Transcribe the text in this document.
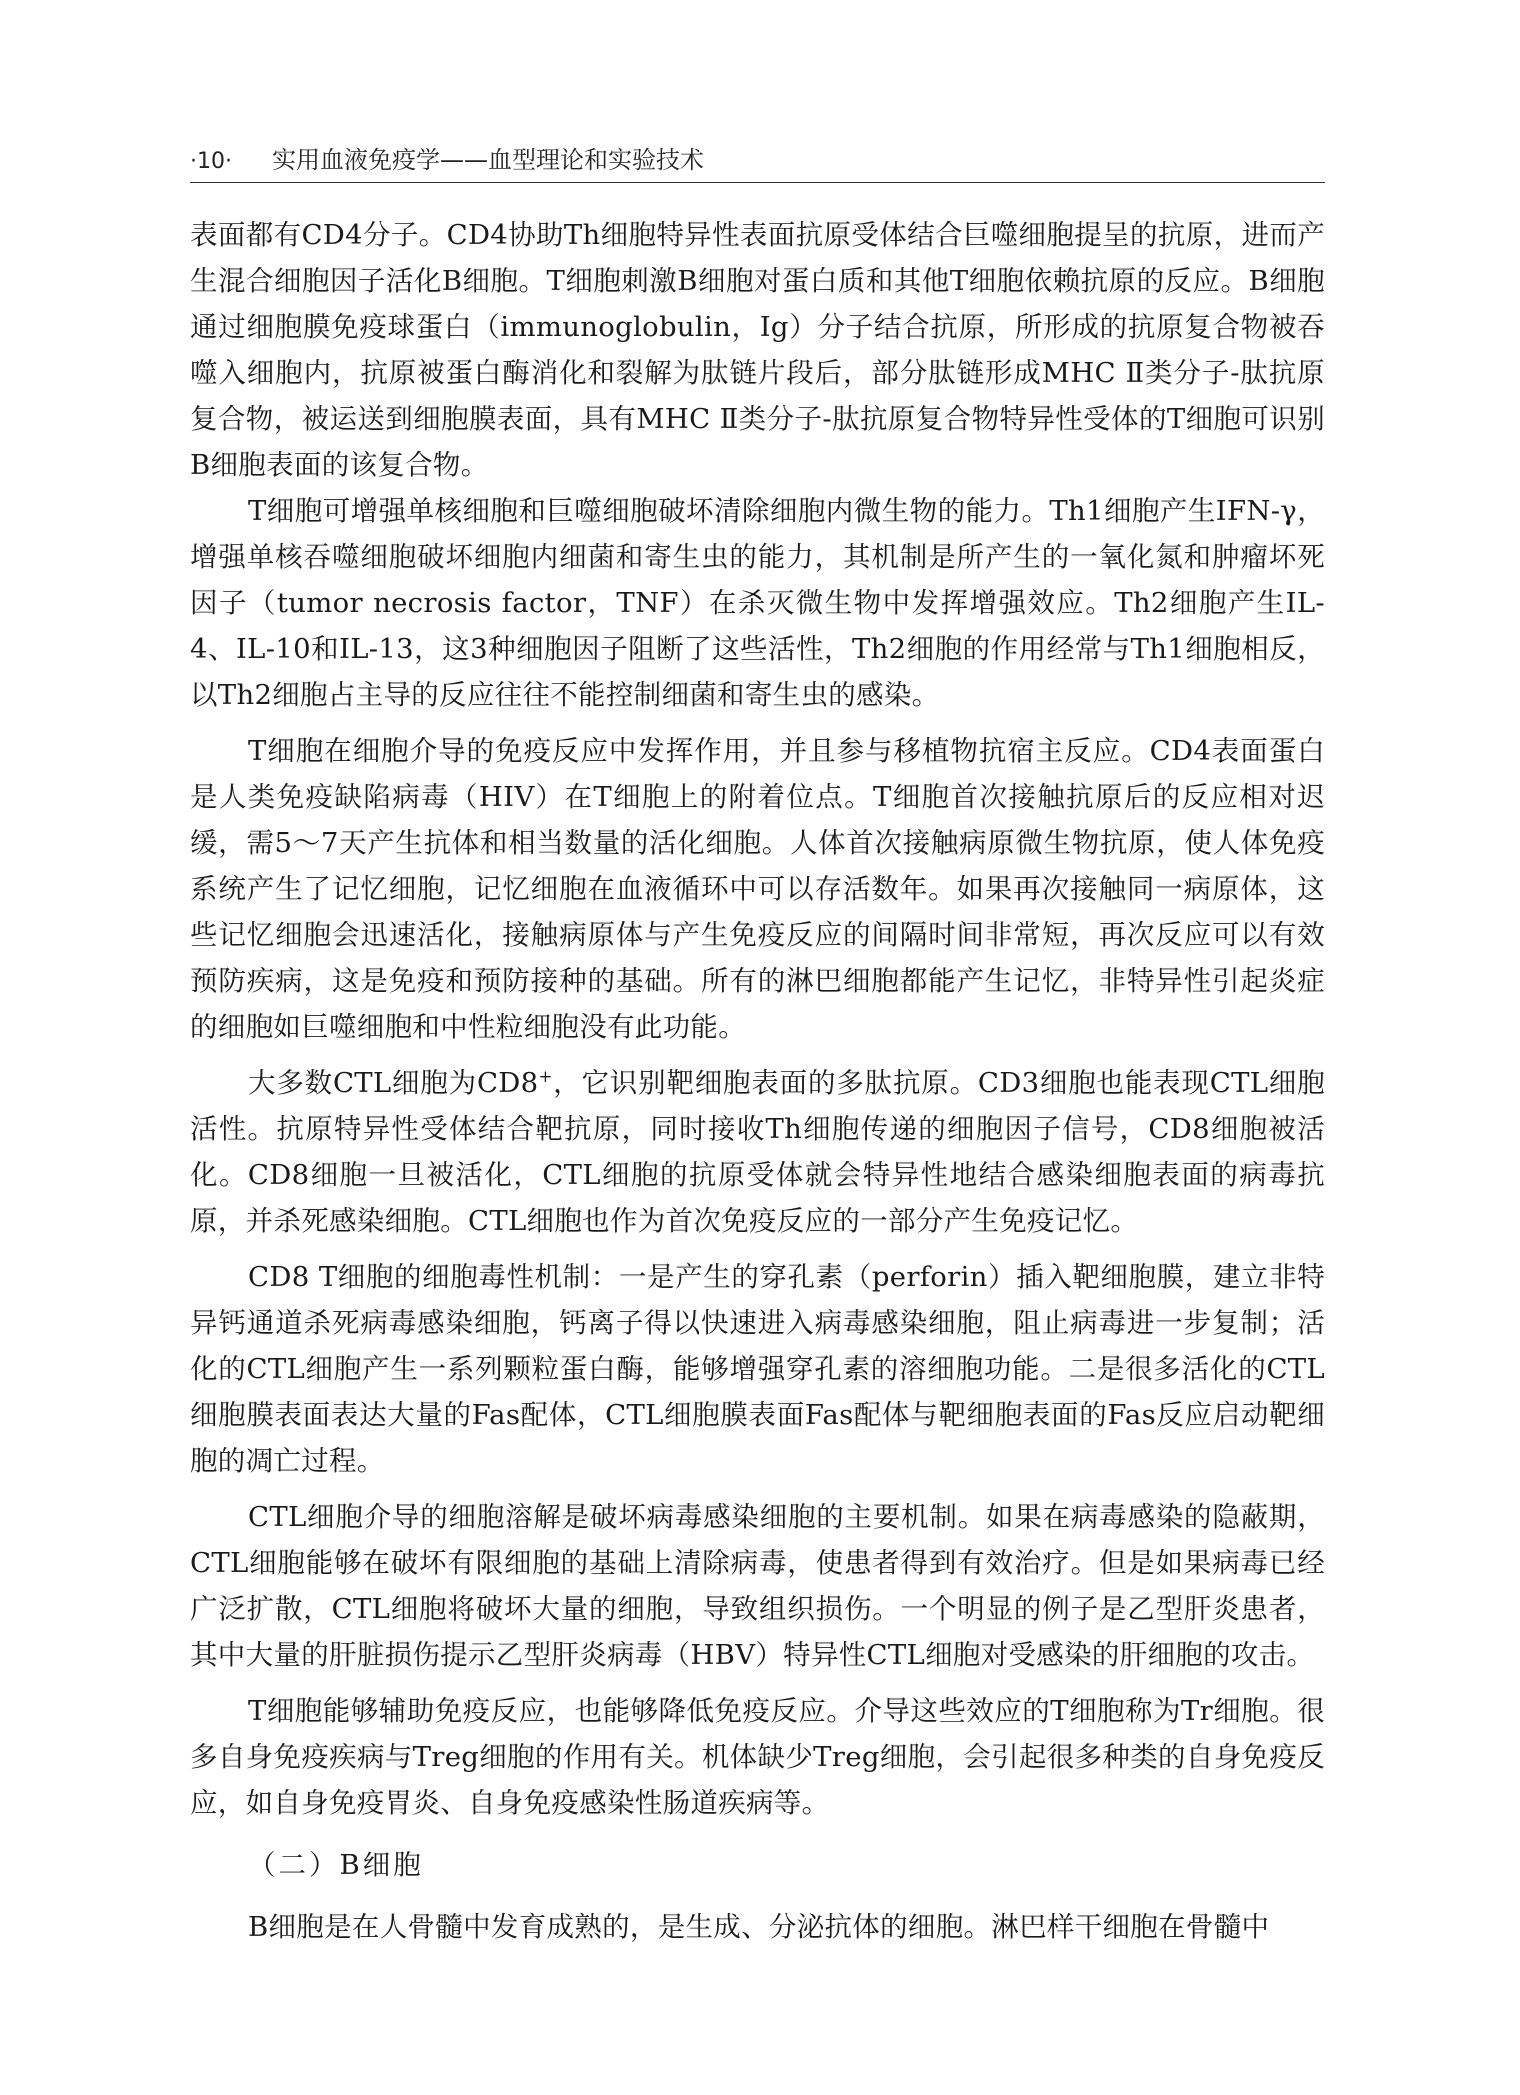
·10· 实用血液免疫学——血型理论和实验技术

表面都有CD4分子。CD4协助Th细胞特异性表面抗原受体结合巨噬细胞提呈的抗原，进而产生混合细胞因子活化B细胞。T细胞刺激B细胞对蛋白质和其他T细胞依赖抗原的反应。B细胞通过细胞膜免疫球蛋白（immunoglobulin，Ig）分子结合抗原，所形成的抗原复合物被吞噬入细胞内，抗原被蛋白酶消化和裂解为肽链片段后，部分肽链形成MHC Ⅱ类分子-肽抗原复合物，被运送到细胞膜表面，具有MHC Ⅱ类分子-肽抗原复合物特异性受体的T细胞可识别B细胞表面的该复合物。

T细胞可增强单核细胞和巨噬细胞破坏清除细胞内微生物的能力。Th1细胞产生IFN-γ，增强单核吞噬细胞破坏细胞内细菌和寄生虫的能力，其机制是所产生的一氧化氮和肿瘤坏死因子（tumor necrosis factor，TNF）在杀灭微生物中发挥增强效应。Th2细胞产生IL-4、IL-10和IL-13，这3种细胞因子阻断了这些活性，Th2细胞的作用经常与Th1细胞相反，以Th2细胞占主导的反应往往不能控制细菌和寄生虫的感染。

T细胞在细胞介导的免疫反应中发挥作用，并且参与移植物抗宿主反应。CD4表面蛋白是人类免疫缺陷病毒（HIV）在T细胞上的附着位点。T细胞首次接触抗原后的反应相对迟缓，需5～7天产生抗体和相当数量的活化细胞。人体首次接触病原微生物抗原，使人体免疫系统产生了记忆细胞，记忆细胞在血液循环中可以存活数年。如果再次接触同一病原体，这些记忆细胞会迅速活化，接触病原体与产生免疫反应的间隔时间非常短，再次反应可以有效预防疾病，这是免疫和预防接种的基础。所有的淋巴细胞都能产生记忆，非特异性引起炎症的细胞如巨噬细胞和中性粒细胞没有此功能。

大多数CTL细胞为CD8+，它识别靶细胞表面的多肽抗原。CD3细胞也能表现CTL细胞活性。抗原特异性受体结合靶抗原，同时接收Th细胞传递的细胞因子信号，CD8细胞被活化。CD8细胞一旦被活化，CTL细胞的抗原受体就会特异性地结合感染细胞表面的病毒抗原，并杀死感染细胞。CTL细胞也作为首次免疫反应的一部分产生免疫记忆。

CD8 T细胞的细胞毒性机制：一是产生的穿孔素（perforin）插入靶细胞膜，建立非特异钙通道杀死病毒感染细胞，钙离子得以快速进入病毒感染细胞，阻止病毒进一步复制；活化的CTL细胞产生一系列颗粒蛋白酶，能够增强穿孔素的溶细胞功能。二是很多活化的CTL细胞膜表面表达大量的Fas配体，CTL细胞膜表面Fas配体与靶细胞表面的Fas反应启动靶细胞的凋亡过程。

CTL细胞介导的细胞溶解是破坏病毒感染细胞的主要机制。如果在病毒感染的隐蔽期，CTL细胞能够在破坏有限细胞的基础上清除病毒，使患者得到有效治疗。但是如果病毒已经广泛扩散，CTL细胞将破坏大量的细胞，导致组织损伤。一个明显的例子是乙型肝炎患者，其中大量的肝脏损伤提示乙型肝炎病毒（HBV）特异性CTL细胞对受感染的肝细胞的攻击。

T细胞能够辅助免疫反应，也能够降低免疫反应。介导这些效应的T细胞称为Tr细胞。很多自身免疫疾病与Treg细胞的作用有关。机体缺少Treg细胞，会引起很多种类的自身免疫反应，如自身免疫胃炎、自身免疫感染性肠道疾病等。

（二）B细胞

B细胞是在人骨髓中发育成熟的，是生成、分泌抗体的细胞。淋巴样干细胞在骨髓中
